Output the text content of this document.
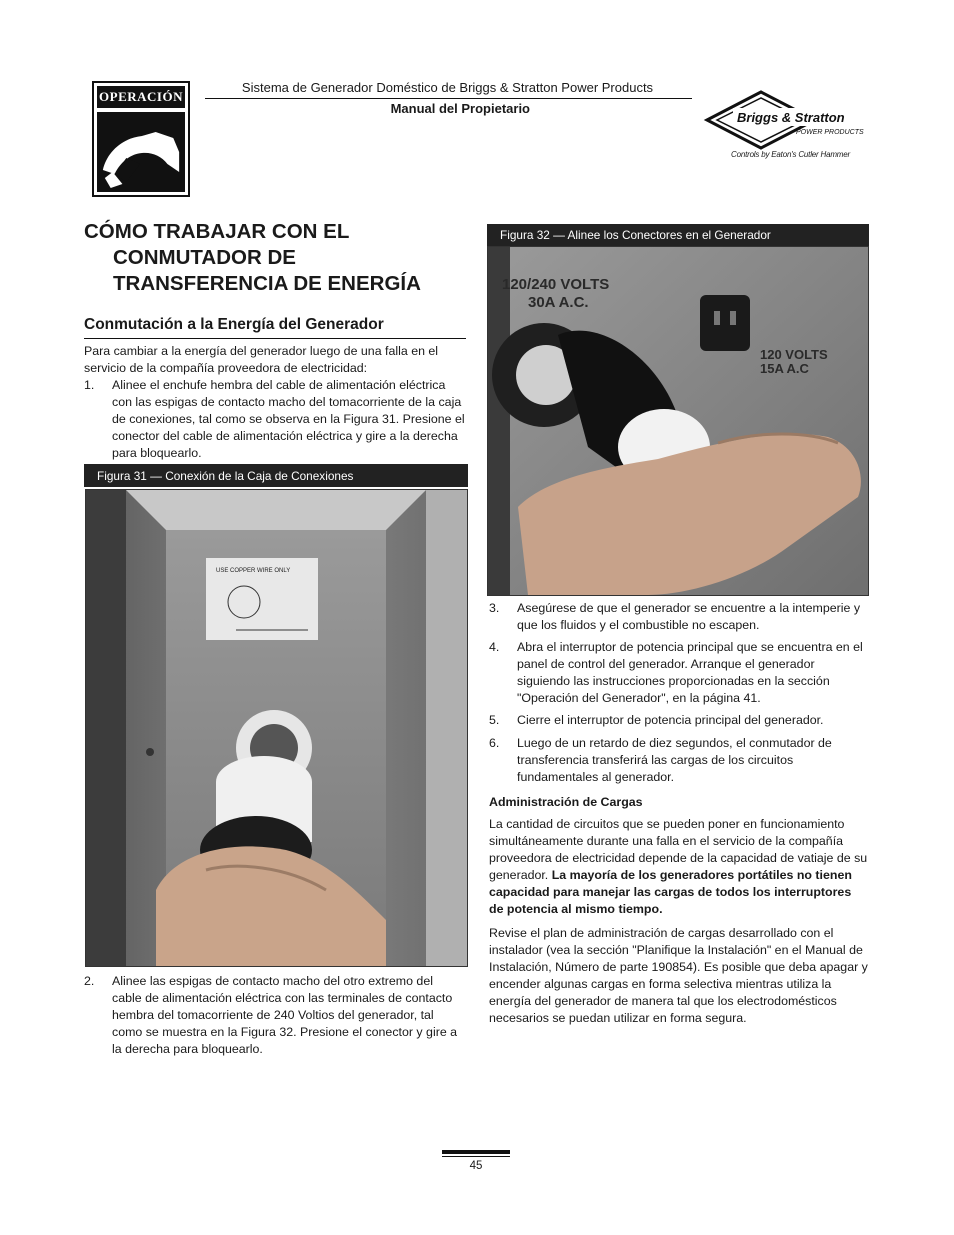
OPERACIÓN
Sistema de Generador Doméstico de Briggs & Stratton Power Products
Manual del Propietario
Briggs & Stratton
POWER PRODUCTS
Controls by Eaton's Cutler Hammer
CÓMO TRABAJAR CON EL
CONMUTADOR DE
TRANSFERENCIA DE ENERGÍA
Conmutación a la Energía del Generador
Para cambiar a la energía del generador luego de una falla en el servicio de la compañía proveedora de electricidad:
1. Alinee el enchufe hembra del cable de alimentación eléctrica con las espigas de contacto macho del tomacorriente de la caja de conexiones, tal como se observa en la Figura 31. Presione el conector del cable de alimentación eléctrica y gire a la derecha para bloquearlo.
Figura 31 — Conexión de la Caja de Conexiones
USE COPPER WIRE ONLY
2. Alinee las espigas de contacto macho del otro extremo del cable de alimentación eléctrica con las terminales de contacto hembra del tomacorriente de 240 Voltios del generador, tal como se muestra en la Figura 32. Presione el conector y gire a la derecha para bloquearlo.
Figura 32 — Alinee los Conectores en el Generador
120/240 VOLTS
30A A.C.
120 VOLTS
15A A.C
3. Asegúrese de que el generador se encuentre a la intemperie y que los fluidos y el combustible no escapen.
4. Abra el interruptor de potencia principal que se encuentra en el panel de control del generador. Arranque el generador siguiendo las instrucciones proporcionadas en la sección "Operación del Generador", en la página 41.
5. Cierre el interruptor de potencia principal del generador.
6. Luego de un retardo de diez segundos, el conmutador de transferencia transferirá las cargas de los circuitos fundamentales al generador.
Administración de Cargas
La cantidad de circuitos que se pueden poner en funcionamiento simultáneamente durante una falla en el servicio de la compañía proveedora de electricidad depende de la capacidad de vatiaje de su generador. La mayoría de los generadores portátiles no tienen capacidad para manejar las cargas de todos los interruptores de potencia al mismo tiempo.
Revise el plan de administración de cargas desarrollado con el instalador (vea la sección "Planifique la Instalación" en el Manual de Instalación, Número de parte 190854). Es posible que deba apagar y encender algunas cargas en forma selectiva mientras utiliza la energía del generador de manera tal que los electrodomésticos necesarios se puedan utilizar en forma segura.
45
